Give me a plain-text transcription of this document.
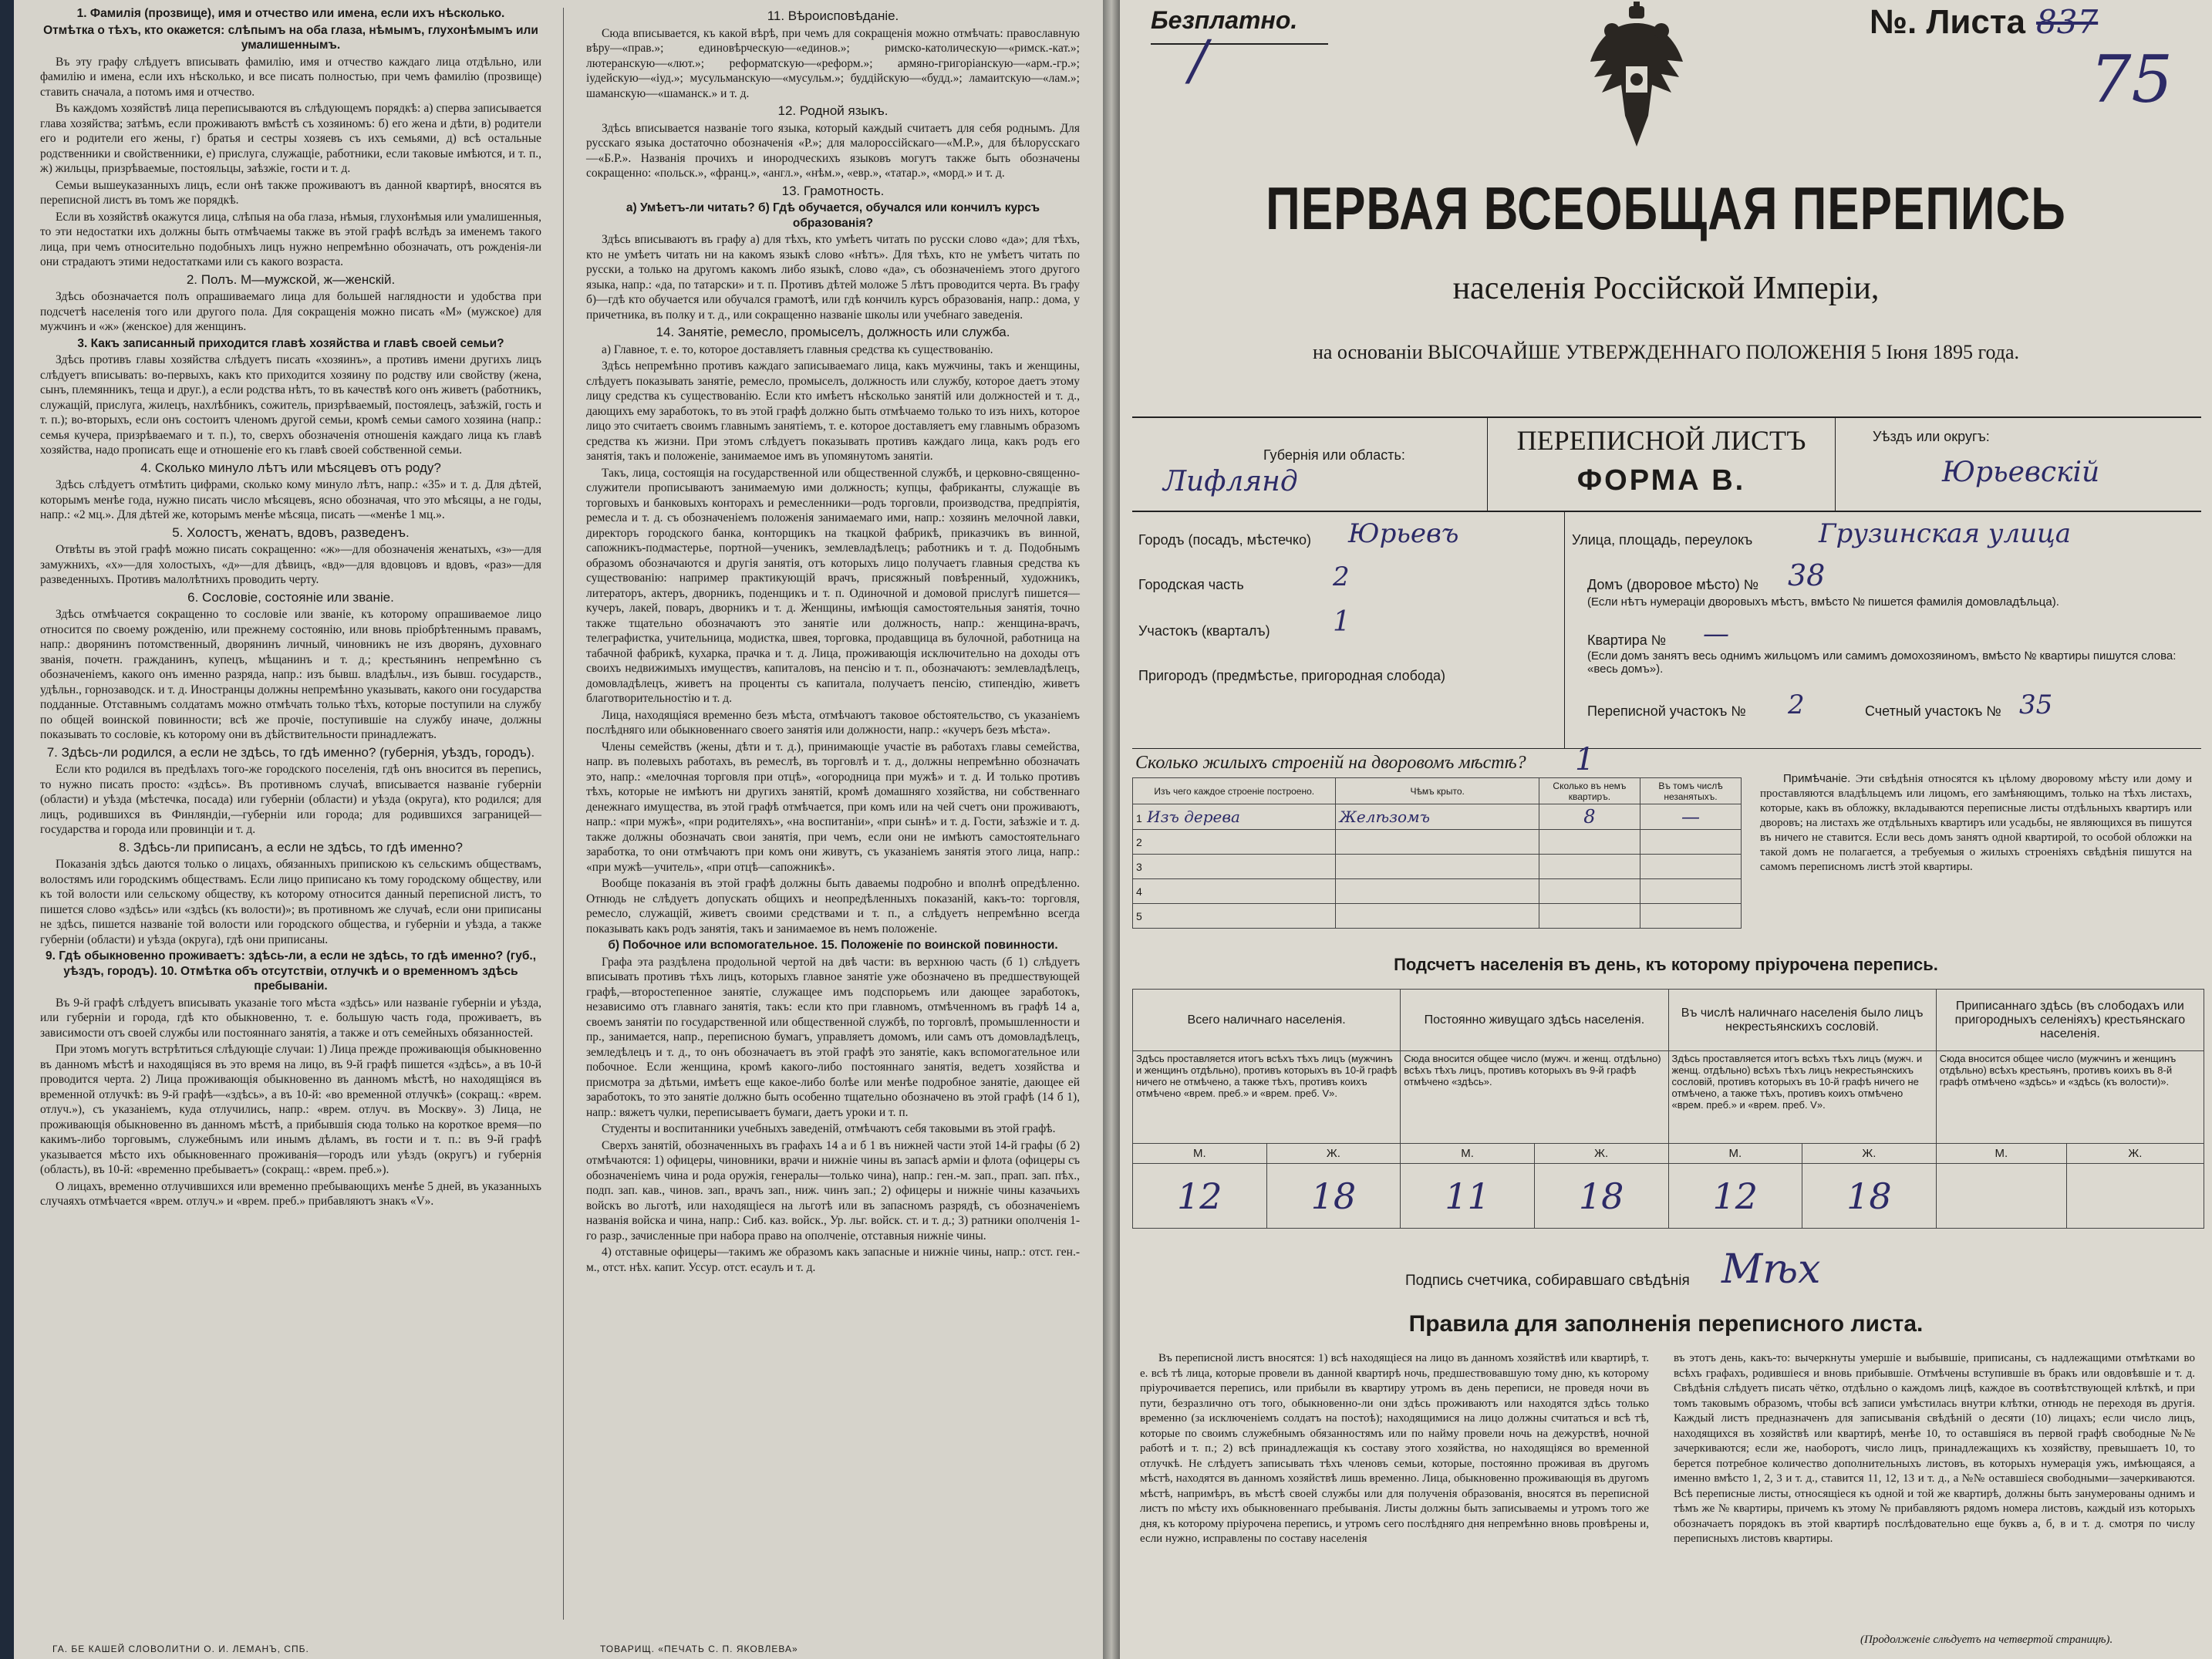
1. Фамилія (прозвище), имя и отчество или имена, если ихъ нѣсколько.

Отмѣтка о тѣхъ, кто окажется: слѣпымъ на оба глаза, нѣмымъ, глухонѣмымъ или умалишеннымъ.

Въ эту графу слѣдуетъ вписывать фамилію, имя и отчество каждаго лица отдѣльно, или фамилію и имена, если ихъ нѣсколько, и все писать полностью, при чемъ фамилію (прозвище) ставить сначала, а потомъ имя и отчество.

Въ каждомъ хозяйствѣ лица переписываются въ слѣдующемъ порядкѣ: а) сперва записывается глава хозяйства; затѣмъ, если проживаютъ вмѣстѣ съ хозяиномъ: б) его жена и дѣти, в) родители его и родители его жены, г) братья и сестры хозяевъ съ ихъ семьями, д) всѣ остальные родственники и свойственники, е) прислуга, служащіе, работники, если таковые имѣются, и т. п., ж) жильцы, призрѣваемые, постояльцы, заѣзжіе, гости и т. д.

Семьи вышеуказанныхъ лицъ, если онѣ также проживаютъ въ данной квартирѣ, вносятся въ переписной листъ въ томъ же порядкѣ.

Если въ хозяйствѣ окажутся лица, слѣпыя на оба глаза, нѣмыя, глухонѣмыя или умалишенныя, то эти недостатки ихъ должны быть отмѣчаемы также въ этой графѣ вслѣдъ за именемъ такого лица, при чемъ относительно подобныхъ лицъ нужно непремѣнно обозначать, отъ рожденія-ли они страдаютъ этими недостатками или съ какого возраста.

2. Полъ. М—мужской, ж—женскій.

Здѣсь обозначается полъ опрашиваемаго лица для большей наглядности и удобства при подсчетѣ населенія того или другого пола. Для сокращенія можно писать «М» (мужское) для мужчинъ и «ж» (женское) для женщинъ.

3. Какъ записанный приходится главѣ хозяйства и главѣ своей семьи?

Здѣсь противъ главы хозяйства слѣдуетъ писать «хозяинъ», а противъ имени другихъ лицъ слѣдуетъ вписывать: во-первыхъ, какъ кто приходится хозяину по родству или свойству (жена, сынъ, племянникъ, теща и друг.), а если родства нѣтъ, то въ качествѣ кого онъ живетъ (работникъ, служащій, прислуга, жилецъ, нахлѣбникъ, сожитель, призрѣваемый, постоялецъ, заѣзжій, гость и т. п.); во-вторыхъ, если онъ состоитъ членомъ другой семьи, кромѣ семьи самого хозяина (напр.: семья кучера, призрѣваемаго и т. п.), то, сверхъ обозначенія отношенія каждаго лица къ главѣ хозяйства, надо прописать еще и отношеніе его къ главѣ своей собственной семьи.

4. Сколько минуло лѣтъ или мѣсяцевъ отъ роду?

Здѣсь слѣдуетъ отмѣтить цифрами, сколько кому минуло лѣтъ, напр.: «35» и т. д. Для дѣтей, которымъ менѣе года, нужно писать число мѣсяцевъ, ясно обозначая, что это мѣсяцы, а не годы, напр.: «2 мц.». Для дѣтей же, которымъ менѣе мѣсяца, писать —«менѣе 1 мц.».

5. Холостъ, женатъ, вдовъ, разведенъ.

Отвѣты въ этой графѣ можно писать сокращенно: «ж»—для обозначенія женатыхъ, «з»—для замужнихъ, «х»—для холостыхъ, «д»—для дѣвицъ, «вд»—для вдовцовъ и вдовъ, «раз»—для разведенныхъ. Противъ малолѣтнихъ проводить черту.

6. Сословіе, состояніе или званіе.

Здѣсь отмѣчается сокращенно то сословіе или званіе, къ которому опрашиваемое лицо относится по своему рожденію, или прежнему состоянію, или вновь пріобрѣтеннымъ правамъ, напр.: дворянинъ потомственный, дворянинъ личный, чиновникъ не изъ дворянъ, духовнаго званія, почетн. гражданинъ, купецъ, мѣщанинъ и т. д.; крестьянинъ непремѣнно съ обозначеніемъ, какого онъ именно разряда, напр.: изъ бывш. владѣльч., изъ бывш. государств., удѣльн., горнозаводск. и т. д. Иностранцы должны непремѣнно указывать, какого они государства подданные. Отставнымъ солдатамъ можно отмѣчать только тѣхъ, которые поступили на службу по общей воинской повинности; всѣ же прочіе, поступившіе на службу иначе, должны показывать то сословіе, къ которому они въ дѣйствительности принадлежатъ.

7. Здѣсь-ли родился, а если не здѣсь, то гдѣ именно? (губернія, уѣздъ, городъ).

Если кто родился въ предѣлахъ того-же городского поселенія, гдѣ онъ вносится въ перепись, то нужно писать просто: «здѣсь». Въ противномъ случаѣ, вписывается названіе губерніи (области) и уѣзда (мѣстечка, посада) или губерніи (области) и уѣзда (округа), кто родился; для лицъ, родившихся въ Финляндіи,—губерніи или города; для родившихся заграницей—государства и города или провинціи и т. д.

8. Здѣсь-ли приписанъ, а если не здѣсь, то гдѣ именно?

Показанія здѣсь даются только о лицахъ, обязанныхъ припискою къ сельскимъ обществамъ, волостямъ или городскимъ обществамъ. Если лицо приписано къ тому городскому обществу, или къ той волости или сельскому обществу, къ которому относится данный переписной листъ, то пишется слово «здѣсь» или «здѣсь (къ волости)»; въ противномъ же случаѣ, если они приписаны не здѣсь, пишется названіе той волости или городского общества, и губерніи и уѣзда, а также губерніи (области) и уѣзда (округа), гдѣ они приписаны.

9. Гдѣ обыкновенно проживаетъ: здѣсь-ли, а если не здѣсь, то гдѣ именно? (губ., уѣздъ, городъ). 10. Отмѣтка объ отсутствіи, отлучкѣ и о временномъ здѣсь пребываніи.

Въ 9-й графѣ слѣдуетъ вписывать указаніе того мѣста «здѣсь» или названіе губерніи и уѣзда, или губерніи и города, гдѣ кто обыкновенно, т. е. большую часть года, проживаетъ, въ зависимости отъ своей службы или постояннаго занятія, а также и отъ семейныхъ обязанностей.

При этомъ могутъ встрѣтиться слѣдующіе случаи: 1) Лица прежде проживающія обыкновенно въ данномъ мѣстѣ и находящіяся въ это время на лицо, въ 9-й графѣ пишется «здѣсь», а въ 10-й проводится черта. 2) Лица проживающія обыкновенно въ данномъ мѣстѣ, но находящіяся въ временной отлучкѣ: въ 9-й графѣ—«здѣсь», а въ 10-й: «во временной отлучкѣ» (сокращ.: «врем. отлуч.»), съ указаніемъ, куда отлучились, напр.: «врем. отлуч. въ Москву». 3) Лица, не проживающія обыкновенно въ данномъ мѣстѣ, а прибывшія сюда только на короткое время—по какимъ-либо торговымъ, служебнымъ или инымъ дѣламъ, въ гости и т. п.: въ 9-й графѣ указывается мѣсто ихъ обыкновеннаго проживанія—городъ или уѣздъ (округъ) и губернія (область), въ 10-й: «временно пребываетъ» (сокращ.: «врем. преб.»).

О лицахъ, временно отлучившихся или временно пребывающихъ менѣе 5 дней, въ указанныхъ случаяхъ отмѣчается «врем. отлуч.» и «врем. преб.» прибавляютъ знакъ «V».

11. Вѣроисповѣданіе.

Сюда вписывается, къ какой вѣрѣ, при чемъ для сокращенія можно отмѣчать: православную вѣру—«прав.»; единовѣрческую—«единов.»; римско-католическую—«римск.-кат.»; лютеранскую—«лют.»; реформатскую—«реформ.»; армяно-григоріанскую—«арм.-гр.»; іудейскую—«іуд.»; мусульманскую—«мусульм.»; буддійскую—«будд.»; ламаитскую—«лам.»; шаманскую—«шаманск.» и т. д.

12. Родной языкъ.

Здѣсь вписывается названіе того языка, который каждый считаетъ для себя роднымъ. Для русскаго языка достаточно обозначенія «Р.»; для малороссійскаго—«М.Р.», для бѣлорусскаго—«Б.Р.». Названія прочихъ и инородческихъ языковъ могутъ также быть обозначены сокращенно: «польск.», «франц.», «англ.», «нѣм.», «евр.», «татар.», «морд.» и т. д.

13. Грамотность.

а) Умѣетъ-ли читать? б) Гдѣ обучается, обучался или кончилъ курсъ образованія?

Здѣсь вписываютъ въ графу а) для тѣхъ, кто умѣетъ читать по русски слово «да»; для тѣхъ, кто не умѣетъ читать ни на какомъ языкѣ слово «нѣтъ». Для тѣхъ, кто не умѣетъ читать по русски, а только на другомъ какомъ либо языкѣ, слово «да», съ обозначеніемъ этого другого языка, напр.: «да, по татарски» и т. п. Противъ дѣтей моложе 5 лѣтъ проводится черта. Въ графу б)—гдѣ кто обучается или обучался грамотѣ, или гдѣ кончилъ курсъ образованія, напр.: дома, у причетника, въ полку и т. д., или сокращенно названіе школы или учебнаго заведенія.

14. Занятіе, ремесло, промыселъ, должность или служба.

а) Главное, т. е. то, которое доставляетъ главныя средства къ существованію.

Здѣсь непремѣнно противъ каждаго записываемаго лица, какъ мужчины, такъ и женщины, слѣдуетъ показывать занятіе, ремесло, промыселъ, должность или службу, которое даетъ этому лицу средства къ существованію. Если кто имѣетъ нѣсколько занятій или должностей и т. д., дающихъ ему заработокъ, то въ этой графѣ должно быть отмѣчаемо только то изъ нихъ, которое лицо это считаетъ своимъ главнымъ занятіемъ, т. е. которое доставляетъ ему главнымъ образомъ средства къ жизни. При этомъ слѣдуетъ показывать противъ каждаго лица, какъ родъ его занятія, такъ и положеніе, занимаемое имъ въ упомянутомъ занятіи.

Такъ, лица, состоящія на государственной или общественной службѣ, и церковно-священно-служители прописываютъ занимаемую ими должность; купцы, фабриканты, служащіе въ торговыхъ и банковыхъ конторахъ и ремесленники—родъ торговли, производства, предпріятія, ремесла и т. д. съ обозначеніемъ положенія занимаемаго ими, напр.: хозяинъ мелочной лавки, директоръ городского банка, конторщикъ на ткацкой фабрикѣ, приказчикъ въ винной, сапожникъ-подмастерье, портной—ученикъ, землевладѣлецъ; работникъ и т. д. Подобнымъ образомъ обозначаются и другія занятія, отъ которыхъ лицо получаетъ главныя средства къ существованію: например практикующій врачъ, присяжный повѣренный, художникъ, литераторъ, актеръ, дворникъ, поденщикъ и т. п. Одиночной и домовой прислугѣ пишется—кучеръ, лакей, поваръ, дворникъ и т. д. Женщины, имѣющія самостоятельныя занятія, точно также тщательно обозначаютъ это занятіе или должность, напр.: женщина-врачъ, телеграфистка, учительница, модистка, швея, торговка, продавщица въ булочной, работница на табачной фабрикѣ, кухарка, прачка и т. д. Лица, проживающія исключительно на доходы отъ своихъ недвижимыхъ имуществъ, капиталовъ, на пенсію и т. п., обозначаютъ: землевладѣлецъ, домовладѣлецъ, живетъ на проценты съ капитала, получаетъ пенсію, стипендію, живетъ благотворительностію и т. д.

Лица, находящіяся временно безъ мѣста, отмѣчаютъ таковое обстоятельство, съ указаніемъ послѣдняго или обыкновеннаго своего занятія или должности, напр.: «кучеръ безъ мѣста».

Члены семействъ (жены, дѣти и т. д.), принимающіе участіе въ работахъ главы семейства, напр. въ полевыхъ работахъ, въ ремеслѣ, въ торговлѣ и т. д., должны непремѣнно обозначать это, напр.: «мелочная торговля при отцѣ», «огородница при мужѣ» и т. д. И только противъ тѣхъ, которые не имѣютъ ни другихъ занятій, кромѣ домашняго хозяйства, ни собственнаго денежнаго имущества, въ этой графѣ отмѣчается, при комъ или на чей счетъ они проживаютъ, напр.: «при мужѣ», «при родителяхъ», «на воспитаніи», «при сынѣ» и т. д. Гости, заѣзжіе и т. д. также должны обозначать свои занятія, при чемъ, если они не имѣютъ самостоятельнаго заработка, то они отмѣчаютъ при комъ они живутъ, съ указаніемъ занятія этого лица, напр.: «при мужѣ—учитель», «при отцѣ—сапожникѣ».

Вообще показанія въ этой графѣ должны быть даваемы подробно и вполнѣ опредѣленно. Отнюдь не слѣдуетъ допускать общихъ и неопредѣленныхъ показаній, какъ-то: торговля, ремесло, служащій, живетъ своими средствами и т. п., а слѣдуетъ непремѣнно всегда показывать какъ родъ занятія, такъ и занимаемое въ немъ положеніе.

б) Побочное или вспомогательное. 15. Положеніе по воинской повинности.

Графа эта раздѣлена продольной чертой на двѣ части: въ верхнюю часть (б 1) слѣдуетъ вписывать противъ тѣхъ лицъ, которыхъ главное занятіе уже обозначено въ предшествующей графѣ,—второстепенное занятіе, служащее имъ подспорьемъ или дающее заработокъ, независимо отъ главнаго занятія, такъ: если кто при главномъ, отмѣченномъ въ графѣ 14 а, своемъ занятіи по государственной или общественной службѣ, по торговлѣ, промышленности и пр., занимается, напр., переписною бумагъ, управляетъ домомъ, или самъ отъ домовладѣлецъ, земледѣлецъ и т. д., то онъ обозначаетъ въ этой графѣ это занятіе, какъ вспомогательное или побочное. Если женщина, кромѣ какого-либо постояннаго занятія, ведетъ хозяйства и присмотра за дѣтьми, имѣетъ еще какое-либо болѣе или менѣе подробное занятіе, дающее ей заработокъ, то это занятіе должно быть особенно тщательно обозначено въ этой графѣ (14 б 1), напр.: вяжетъ чулки, переписываетъ бумаги, даетъ уроки и т. п.

Студенты и воспитанники учебныхъ заведеній, отмѣчаютъ себя таковыми въ этой графѣ.

Сверхъ занятій, обозначенныхъ въ графахъ 14 а и б 1 въ нижней части этой 14-й графы (б 2) отмѣчаются: 1) офицеры, чиновники, врачи и нижніе чины въ запасѣ арміи и флота (офицеры съ обозначеніемъ чина и рода оружія, генералы—только чина), напр.: ген.-м. зап., прап. зап. пѣх., подп. зап. кав., чинов. зап., врачъ зап., ниж. чинъ зап.; 2) офицеры и нижніе чины казачьихъ войскъ во льготѣ, или находящіеся на льготѣ или въ запасномъ разрядѣ, съ обозначеніемъ названія войска и чина, напр.: Сиб. каз. войск., Ур. льг. войск. ст. и т. д.; 3) ратники ополченія 1-го разр., зачисленные при набора право на ополченіе, отставныя нижніе чины.

4) отставные офицеры—такимъ же образомъ какъ запасные и нижніе чины, напр.: отст. ген.-м., отст. нѣх. капит. Уссур. отст. есаулъ и т. д.

ГА. БЕ КАШЕЙ СЛОВОЛИТНИ О. И. ЛЕМАНЪ, СПБ.	ТОВАРИЩ. «ПЕЧАТЬ С. П. ЯКОВЛЕВА»
Безплатно.
/
№. Листа 837
75
ПЕРВАЯ ВСЕОБЩАЯ ПЕРЕПИСЬ
населенія Россійской Имперіи,
на основаніи ВЫСОЧАЙШЕ УТВЕРЖДЕННАГО ПОЛОЖЕНІЯ 5 Іюня 1895 года.
ПЕРЕПИСНОЙ ЛИСТЪ
ФОРМА В.
Губернія или область:
Лифлянд
Уѣздъ или округъ:
Юрьевскій
Городъ (посадъ, мѣстечко) Юрьевъ
Городская часть	2
Участокъ (кварталъ) 1
Пригородъ (предмѣстье, пригородная слобода)
Улица, площадь, переулокъ	Грузинская улица
Домъ (дворовое мѣсто) № 38
(Если нѣтъ нумераціи дворовыхъ мѣстъ, вмѣсто № пишется фамилія домовладѣльца).
Квартира № —
(Если домъ занятъ весь однимъ жильцомъ или самимъ домохозяиномъ, вмѣсто № квартиры пишутся слова: «весь домъ»).
Переписной участокъ № 2	Счетный участокъ № 35
Сколько жилыхъ строеній на дворовомъ мѣстѣ? 1
Изъ чего каждое строеніе построено.	Чѣмъ крыто.	Сколько въ немъ квартиръ.	Въ томъ числѣ незанятыхъ.
1 Изъ дерева	Желѣзомъ	8	—
2			
3			
4			
5			
Примѣчаніе. Эти свѣдѣнія относятся къ цѣлому дворовому мѣсту или дому и проставляются владѣльцемъ или лицомъ, его замѣняющимъ, только на тѣхъ листахъ, которые, какъ въ обложку, вкладываются переписные листы отдѣльныхъ квартиръ или дворовъ; на листахъ же отдѣльныхъ квартиръ или усадьбы, не являющихся въ пишутся въ ничего не ставится. Если весь домъ занятъ одной квартирой, то особой обложки на такой домъ не полагается, а требуемыя о жилыхъ строеніяхъ свѣдѣнія пишутся на самомъ переписномъ листѣ этой квартиры.
Подсчетъ населенія въ день, къ которому пріурочена перепись.
Всего наличнаго населенія.		Постоянно живущаго здѣсь населенія.		Въ числѣ наличнаго населенія было лицъ некрестьянскихъ сословій.		Приписаннаго здѣсь (въ слободахъ или пригородныхъ селеніяхъ) крестьянскаго населенія.	
Здѣсь проставляется итогъ всѣхъ тѣхъ лицъ (мужчинъ и женщинъ отдѣльно), противъ которыхъ въ 10-й графѣ ничего не отмѣчено, а также тѣхъ, противъ коихъ отмѣчено «врем. преб.» и «врем. преб. V».		Сюда вносится общее число (мужч. и женщ. отдѣльно) всѣхъ тѣхъ лицъ, противъ которыхъ въ 9-й графѣ отмѣчено «здѣсь».		Здѣсь проставляется итогъ всѣхъ тѣхъ лицъ (мужч. и женщ. отдѣльно) всѣхъ тѣхъ лицъ некрестьянскихъ сословій, противъ которыхъ въ 10-й графѣ ничего не отмѣчено, а также тѣхъ, противъ коихъ отмѣчено «врем. преб.» и «врем. преб. V».		Сюда вносится общее число (мужчинъ и женщинъ отдѣльно) всѣхъ крестьянъ, противъ коихъ въ 8-й графѣ отмѣчено «здѣсь» и «здѣсь (къ волости)».	
М.	Ж.	М.	Ж.	М.	Ж.	М.	Ж.
12	18	11	18	12	18		
Подпись счетчика, собиравшаго свѣдѣнія Мѣх
Правила для заполненія переписного листа.
Въ переписной листъ вносятся: 1) всѣ находящіеся на лицо въ данномъ хозяйствѣ или квартирѣ, т. е. всѣ тѣ лица, которые провели въ данной квартирѣ ночь, предшествовавшую тому дню, къ которому пріурочивается перепись, или прибыли въ квартиру утромъ въ день переписи, не проведя ночи въ пути, безразлично отъ того, обыкновенно-ли они здѣсь проживаютъ или находятся здѣсь только временно (за исключеніемъ солдатъ на постоѣ); находящимися на лицо должны считаться и всѣ тѣ, которые по своимъ служебнымъ обязанностямъ или по найму провели ночь на дежурствѣ, ночной работѣ и т. п.; 2) всѣ принадлежащія къ составу этого хозяйства, но находящіяся во временной отлучкѣ. Не слѣдуетъ записывать тѣхъ членовъ семьи, которые, постоянно проживая въ другомъ мѣстѣ, находятся въ данномъ хозяйствѣ лишь временно. Лица, обыкновенно проживающія въ другомъ мѣстѣ, напримѣръ, въ мѣстѣ своей службы или для полученія образованія, вносятся въ переписной листъ по мѣсту ихъ обыкновеннаго пребыванія. Листы должны быть записываемы и утромъ того же дня, къ которому пріурочена перепись, и утромъ сего послѣдняго дня непремѣнно вновь провѣрены и, если нужно, исправлены по составу населенія
въ этотъ день, какъ-то: вычеркнуты умершіе и выбывшіе, приписаны, съ надлежащими отмѣтками во всѣхъ графахъ, родившіеся и вновь прибывшіе. Отмѣчены вступившіе въ бракъ или овдовѣвшіе и т. д. Свѣдѣнія слѣдуетъ писать чётко, отдѣльно о каждомъ лицѣ, каждое въ соотвѣтствующей клѣткѣ, и при томъ таковымъ образомъ, чтобы всѣ записи умѣстилась внутри клѣтки, отнюдь не переходя въ другія. Каждый листъ предназначенъ для записыванія свѣдѣній о десяти (10) лицахъ; если число лицъ, находящихся въ хозяйствѣ или квартирѣ, менѣе 10, то оставшіяся въ первой графѣ свободные №№ зачеркиваются; если же, наоборотъ, число лицъ, принадлежащихъ къ хозяйству, превышаетъ 10, то берется потребное количество дополнительныхъ листовъ, въ которыхъ нумерація ужъ, имѣющаяся, а именно вмѣсто 1, 2, 3 и т. д., ставится 11, 12, 13 и т. д., а №№ оставшіеся свободными—зачеркиваются. Всѣ переписные листы, относящіеся къ одной и той же квартирѣ, должны быть занумерованы однимъ и тѣмъ же № квартиры, причемъ къ этому № прибавляютъ рядомъ номера листовъ, каждый изъ которыхъ обозначаетъ порядокъ въ этой квартирѣ послѣдовательно еще буквъ а, б, в и т. д. смотря по числу переписныхъ листовъ квартиры.
(Продолженіе слѣдуетъ на четвертой страницѣ).
